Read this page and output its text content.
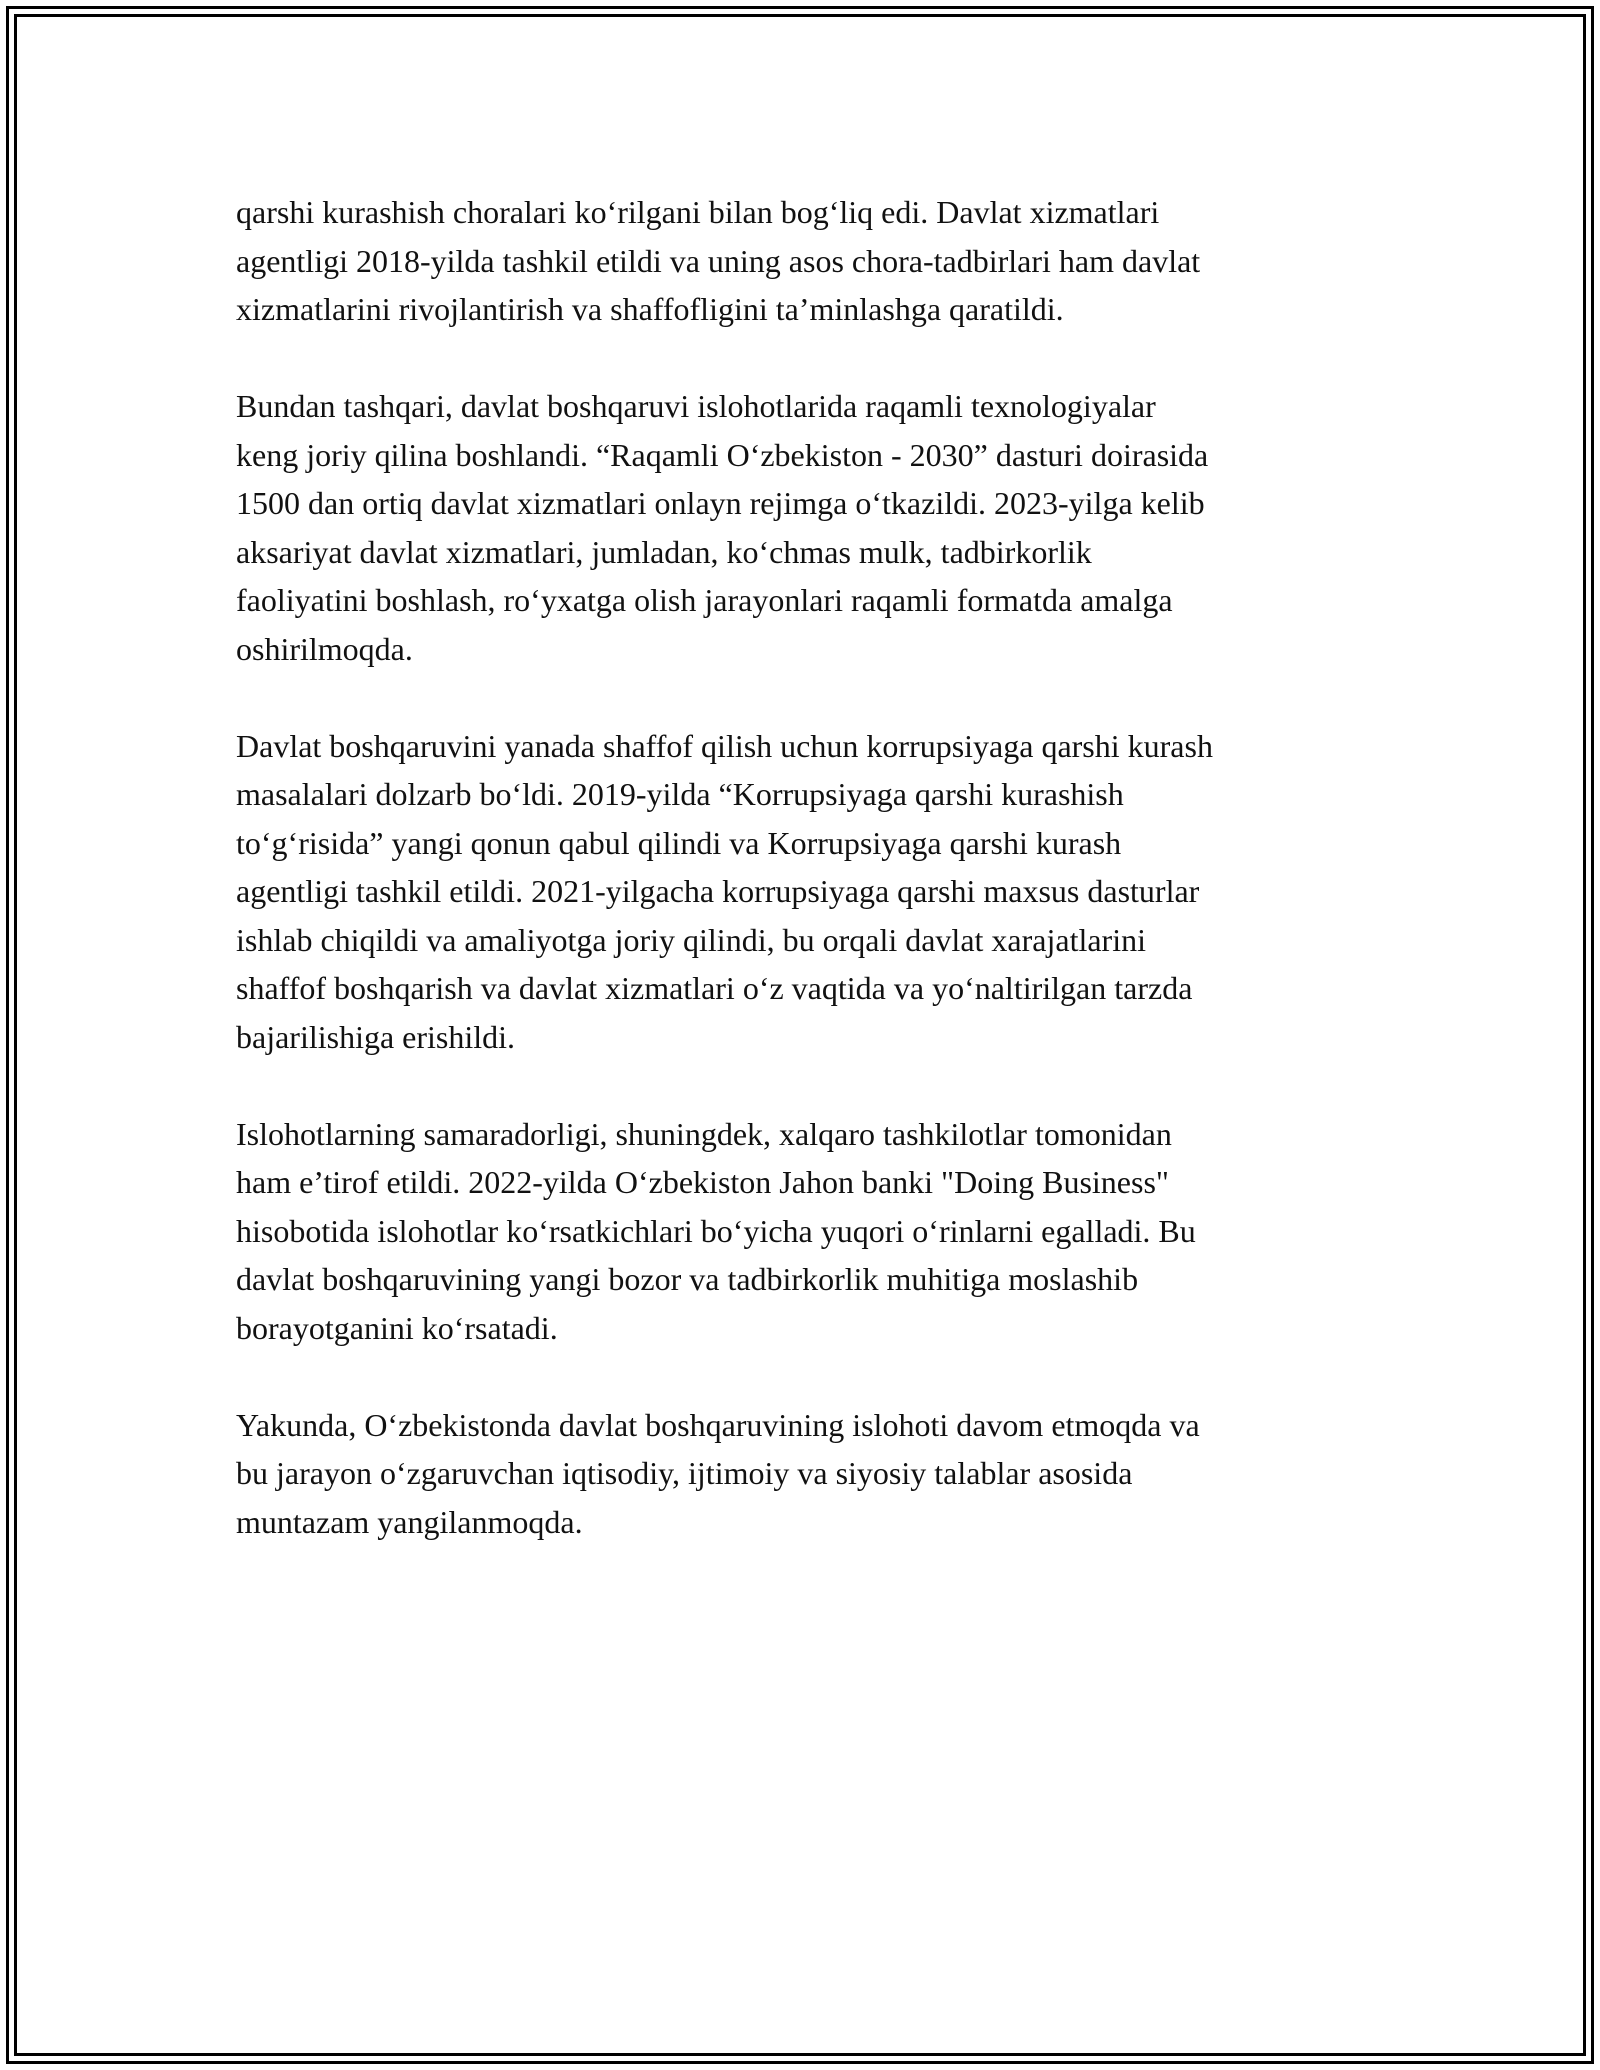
qarshi kurashish choralari ko‘rilgani bilan bog‘liq edi. Davlat xizmatlari
agentligi 2018-yilda tashkil etildi va uning asos chora-tadbirlari ham davlat
xizmatlarini rivojlantirish va shaffofligini ta’minlashga qaratildi.

Bundan tashqari, davlat boshqaruvi islohotlarida raqamli texnologiyalar
keng joriy qilina boshlandi. “Raqamli O‘zbekiston - 2030” dasturi doirasida
1500 dan ortiq davlat xizmatlari onlayn rejimga o‘tkazildi. 2023-yilga kelib
aksariyat davlat xizmatlari, jumladan, ko‘chmas mulk, tadbirkorlik
faoliyatini boshlash, ro‘yxatga olish jarayonlari raqamli formatda amalga
oshirilmoqda.

Davlat boshqaruvini yanada shaffof qilish uchun korrupsiyaga qarshi kurash
masalalari dolzarb bo‘ldi. 2019-yilda “Korrupsiyaga qarshi kurashish
to‘g‘risida” yangi qonun qabul qilindi va Korrupsiyaga qarshi kurash
agentligi tashkil etildi. 2021-yilgacha korrupsiyaga qarshi maxsus dasturlar
ishlab chiqildi va amaliyotga joriy qilindi, bu orqali davlat xarajatlarini
shaffof boshqarish va davlat xizmatlari o‘z vaqtida va yo‘naltirilgan tarzda
bajarilishiga erishildi.

Islohotlarning samaradorligi, shuningdek, xalqaro tashkilotlar tomonidan
ham e’tirof etildi. 2022-yilda O‘zbekiston Jahon banki "Doing Business"
hisobotida islohotlar ko‘rsatkichlari bo‘yicha yuqori o‘rinlarni egalladi. Bu
davlat boshqaruvining yangi bozor va tadbirkorlik muhitiga moslashib
borayotganini ko‘rsatadi.

Yakunda, O‘zbekistonda davlat boshqaruvining islohoti davom etmoqda va
bu jarayon o‘zgaruvchan iqtisodiy, ijtimoiy va siyosiy talablar asosida
muntazam yangilanmoqda.
